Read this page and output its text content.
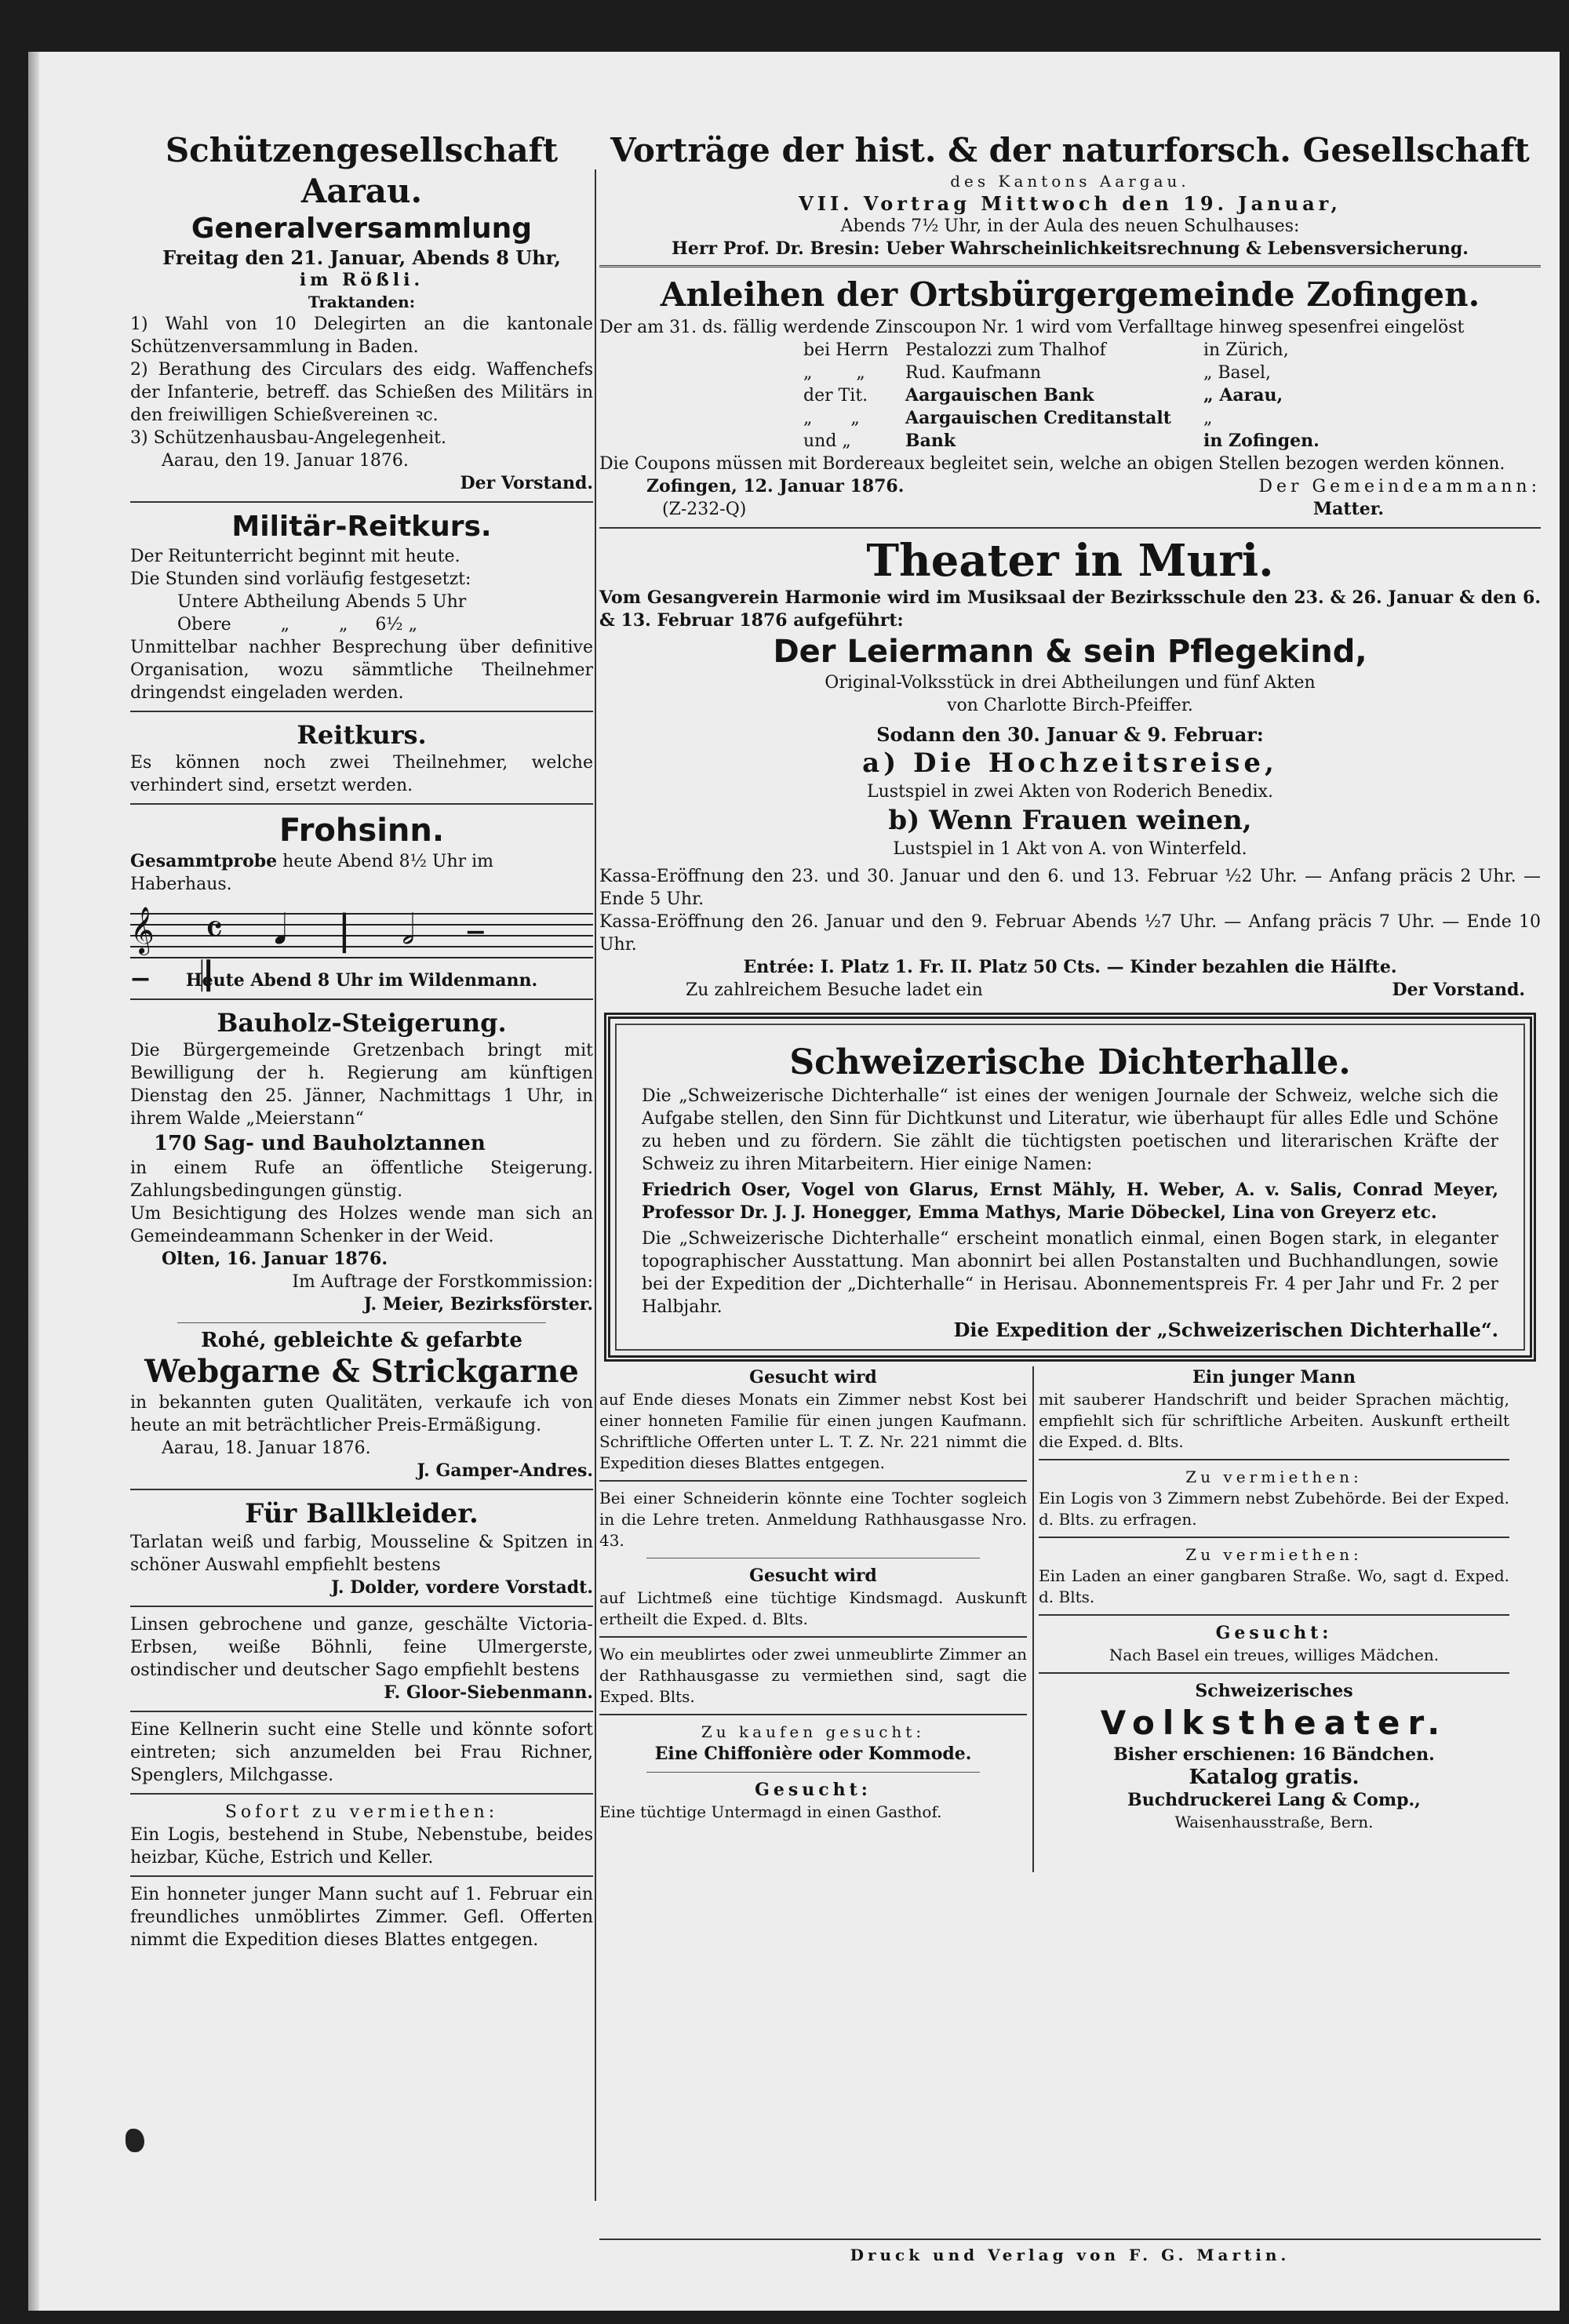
Schützengesellschaft Aarau.

Generalversammlung

Freitag den 21. Januar, Abends 8 Uhr,

im Rößli.

Traktanden:

1) Wahl von 10 Delegirten an die kantonale Schützenversammlung in Baden.
2) Berathung des Circulars des eidg. Waffenchefs der Infanterie, betreff. das Schießen des Militärs in den freiwilligen Schießvereinen ꝛc.
3) Schützenhausbau-Angelegenheit.

Aarau, den 19. Januar 1876.

Der Vorstand.

Militär-Reitkurs.

Der Reitunterricht beginnt mit heute.

Die Stunden sind vorläufig festgesetzt:

Untere Abtheilung Abends 5 Uhr

Obere         „         „     6½ „

Unmittelbar nachher Besprechung über definitive Organisation, wozu sämmtliche Theilnehmer dringendst eingeladen werden.

Reitkurs.

Es können noch zwei Theilnehmer, welche verhindert sind, ersetzt werden.

Frohsinn.

Gesammtprobe heute Abend 8½ Uhr im Haberhaus.

𝄞 𝄴 𝅘𝅥 | 𝅗𝅥 – – 𝄂

Heute Abend 8 Uhr im Wildenmann.

Bauholz-Steigerung.

Die Bürgergemeinde Gretzenbach bringt mit Bewilligung der h. Regierung am künftigen Dienstag den 25. Jänner, Nachmittags 1 Uhr, in ihrem Walde „Meierstann“

170 Sag- und Bauholztannen

in einem Rufe an öffentliche Steigerung. Zahlungsbedingungen günstig.

Um Besichtigung des Holzes wende man sich an Gemeindeammann Schenker in der Weid.

Olten, 16. Januar 1876.

Im Auftrage der Forstkommission:

J. Meier, Bezirksförster.

Rohé, gebleichte & gefarbte

Webgarne & Strickgarne

in bekannten guten Qualitäten, verkaufe ich von heute an mit beträchtlicher Preis-Ermäßigung.

Aarau, 18. Januar 1876.

J. Gamper-Andres.

Für Ballkleider.

Tarlatan weiß und farbig, Mousseline & Spitzen in schöner Auswahl empfiehlt bestens

J. Dolder, vordere Vorstadt.

Linsen gebrochene und ganze, geschälte Victoria-Erbsen, weiße Böhnli, feine Ulmergerste, ostindischer und deutscher Sago empfiehlt bestens

F. Gloor-Siebenmann.

Eine Kellnerin sucht eine Stelle und könnte sofort eintreten; sich anzumelden bei Frau Richner, Spenglers, Milchgasse.

Sofort zu vermiethen:

Ein Logis, bestehend in Stube, Nebenstube, beides heizbar, Küche, Estrich und Keller.

Ein honneter junger Mann sucht auf 1. Februar ein freundliches unmöblirtes Zimmer. Gefl. Offerten nimmt die Expedition dieses Blattes entgegen.

Vorträge der hist. & der naturforsch. Gesellschaft

des Kantons Aargau.

VII. Vortrag Mittwoch den 19. Januar,

Abends 7½ Uhr, in der Aula des neuen Schulhauses:

Herr Prof. Dr. Bresin: Ueber Wahrscheinlichkeitsrechnung & Lebensversicherung.

Anleihen der Ortsbürgergemeinde Zofingen.

Der am 31. ds. fällig werdende Zinscoupon Nr. 1 wird vom Verfalltage hinweg spesenfrei eingelöst

bei Herrn Pestalozzi zum Thalhof	in Zürich,
„        „	Rud. Kaufmann	„ Basel,
der Tit.	Aargauischen Bank	„ Aarau,
„       „	Aargauischen Creditanstalt	„
und „	Bank	in Zofingen.

Die Coupons müssen mit Bordereaux begleitet sein, welche an obigen Stellen bezogen werden können.

Zofingen, 12. Januar 1876.	Der Gemeindeammann:
(Z-232-Q)	Matter.

Theater in Muri.

Vom Gesangverein Harmonie wird im Musiksaal der Bezirksschule den 23. & 26. Januar & den 6. & 13. Februar 1876 aufgeführt:

Der Leiermann & sein Pflegekind,

Original-Volksstück in drei Abtheilungen und fünf Akten

von Charlotte Birch-Pfeiffer.

Sodann den 30. Januar & 9. Februar:

a) Die Hochzeitsreise,

Lustspiel in zwei Akten von Roderich Benedix.

b) Wenn Frauen weinen,

Lustspiel in 1 Akt von A. von Winterfeld.

Kassa-Eröffnung den 23. und 30. Januar und den 6. und 13. Februar ½2 Uhr. — Anfang präcis 2 Uhr. — Ende 5 Uhr.

Kassa-Eröffnung den 26. Januar und den 9. Februar Abends ½7 Uhr. — Anfang präcis 7 Uhr. — Ende 10 Uhr.

Entrée: I. Platz 1. Fr. II. Platz 50 Cts. — Kinder bezahlen die Hälfte.

Zu zahlreichem Besuche ladet ein	Der Vorstand.

Schweizerische Dichterhalle.

Die „Schweizerische Dichterhalle“ ist eines der wenigen Journale der Schweiz, welche sich die Aufgabe stellen, den Sinn für Dichtkunst und Literatur, wie überhaupt für alles Edle und Schöne zu heben und zu fördern. Sie zählt die tüchtigsten poetischen und literarischen Kräfte der Schweiz zu ihren Mitarbeitern. Hier einige Namen:

Friedrich Oser, Vogel von Glarus, Ernst Mähly, H. Weber, A. v. Salis, Conrad Meyer, Professor Dr. J. J. Honegger, Emma Mathys, Marie Döbeckel, Lina von Greyerz etc.

Die „Schweizerische Dichterhalle“ erscheint monatlich einmal, einen Bogen stark, in eleganter topographischer Ausstattung. Man abonnirt bei allen Postanstalten und Buchhandlungen, sowie bei der Expedition der „Dichterhalle“ in Herisau. Abonnementspreis Fr. 4 per Jahr und Fr. 2 per Halbjahr.

Die Expedition der „Schweizerischen Dichterhalle“.

Gesucht wird

auf Ende dieses Monats ein Zimmer nebst Kost bei einer honneten Familie für einen jungen Kaufmann. Schriftliche Offerten unter L. T. Z. Nr. 221 nimmt die Expedition dieses Blattes entgegen.

Bei einer Schneiderin könnte eine Tochter sogleich in die Lehre treten. Anmeldung Rathhausgasse Nro. 43.

Gesucht wird

auf Lichtmeß eine tüchtige Kindsmagd. Auskunft ertheilt die Exped. d. Blts.

Wo ein meublirtes oder zwei unmeublirte Zimmer an der Rathhausgasse zu vermiethen sind, sagt die Exped. Blts.

Zu kaufen gesucht:

Eine Chiffonière oder Kommode.

Gesucht:

Eine tüchtige Untermagd in einen Gasthof.

Ein junger Mann

mit sauberer Handschrift und beider Sprachen mächtig, empfiehlt sich für schriftliche Arbeiten. Auskunft ertheilt die Exped. d. Blts.

Zu vermiethen:

Ein Logis von 3 Zimmern nebst Zubehörde. Bei der Exped. d. Blts. zu erfragen.

Zu vermiethen:

Ein Laden an einer gangbaren Straße. Wo, sagt d. Exped. d. Blts.

Gesucht:

Nach Basel ein treues, williges Mädchen.

Schweizerisches

Volkstheater.

Bisher erschienen: 16 Bändchen.

Katalog gratis.

Buchdruckerei Lang & Comp.,

Waisenhausstraße, Bern.

Druck und Verlag von F. G. Martin.
